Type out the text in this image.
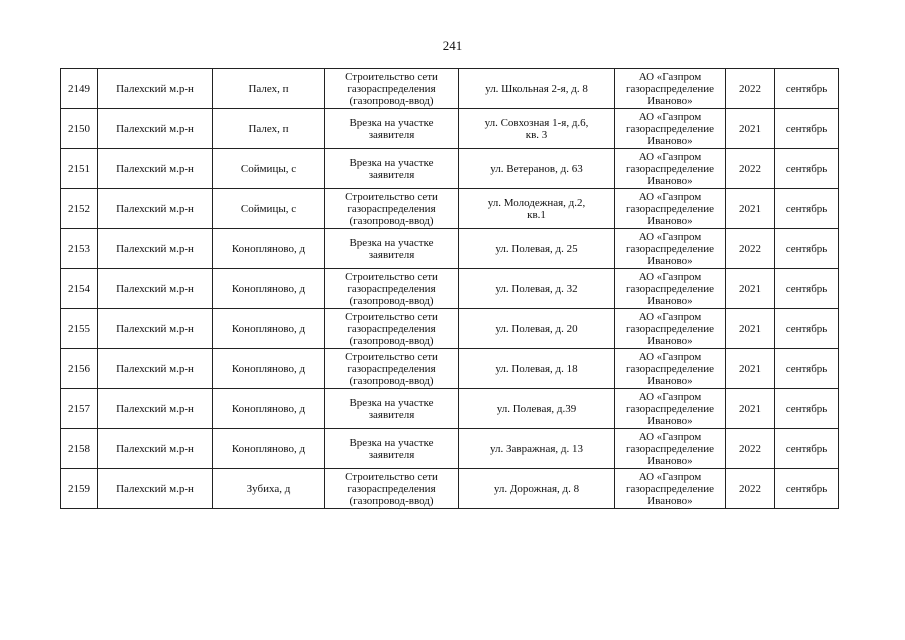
241
2149	Палехский м.р-н	Палех, п	Строительство сети
газораспределения
(газопровод-ввод)	ул. Школьная 2-я, д. 8	АО «Газпром
газораспределение
Иваново»	2022	сентябрь
2150	Палехский м.р-н	Палех, п	Врезка на участке
заявителя	ул. Совхозная 1-я, д.6,
кв. 3	АО «Газпром
газораспределение
Иваново»	2021	сентябрь
2151	Палехский м.р-н	Соймицы, с	Врезка на участке
заявителя	ул. Ветеранов, д. 63	АО «Газпром
газораспределение
Иваново»	2022	сентябрь
2152	Палехский м.р-н	Соймицы, с	Строительство сети
газораспределения
(газопровод-ввод)	ул. Молодежная, д.2,
кв.1	АО «Газпром
газораспределение
Иваново»	2021	сентябрь
2153	Палехский м.р-н	Коноплянoво, д	Врезка на участке
заявителя	ул. Полевая, д. 25	АО «Газпром
газораспределение
Иваново»	2022	сентябрь
2154	Палехский м.р-н	Коноплянoво, д	Строительство сети
газораспределения
(газопровод-ввод)	ул. Полевая, д. 32	АО «Газпром
газораспределение
Иваново»	2021	сентябрь
2155	Палехский м.р-н	Коноплянoво, д	Строительство сети
газораспределения
(газопровод-ввод)	ул. Полевая, д. 20	АО «Газпром
газораспределение
Иваново»	2021	сентябрь
2156	Палехский м.р-н	Коноплянoво, д	Строительство сети
газораспределения
(газопровод-ввод)	ул. Полевая, д. 18	АО «Газпром
газораспределение
Иваново»	2021	сентябрь
2157	Палехский м.р-н	Коноплянoво, д	Врезка на участке
заявителя	ул. Полевая, д.39	АО «Газпром
газораспределение
Иваново»	2021	сентябрь
2158	Палехский м.р-н	Коноплянoво, д	Врезка на участке
заявителя	ул. Завражная, д. 13	АО «Газпром
газораспределение
Иваново»	2022	сентябрь
2159	Палехский м.р-н	Зубиха, д	Строительство сети
газораспределения
(газопровод-ввод)	ул. Дорожная, д. 8	АО «Газпром
газораспределение
Иваново»	2022	сентябрь
